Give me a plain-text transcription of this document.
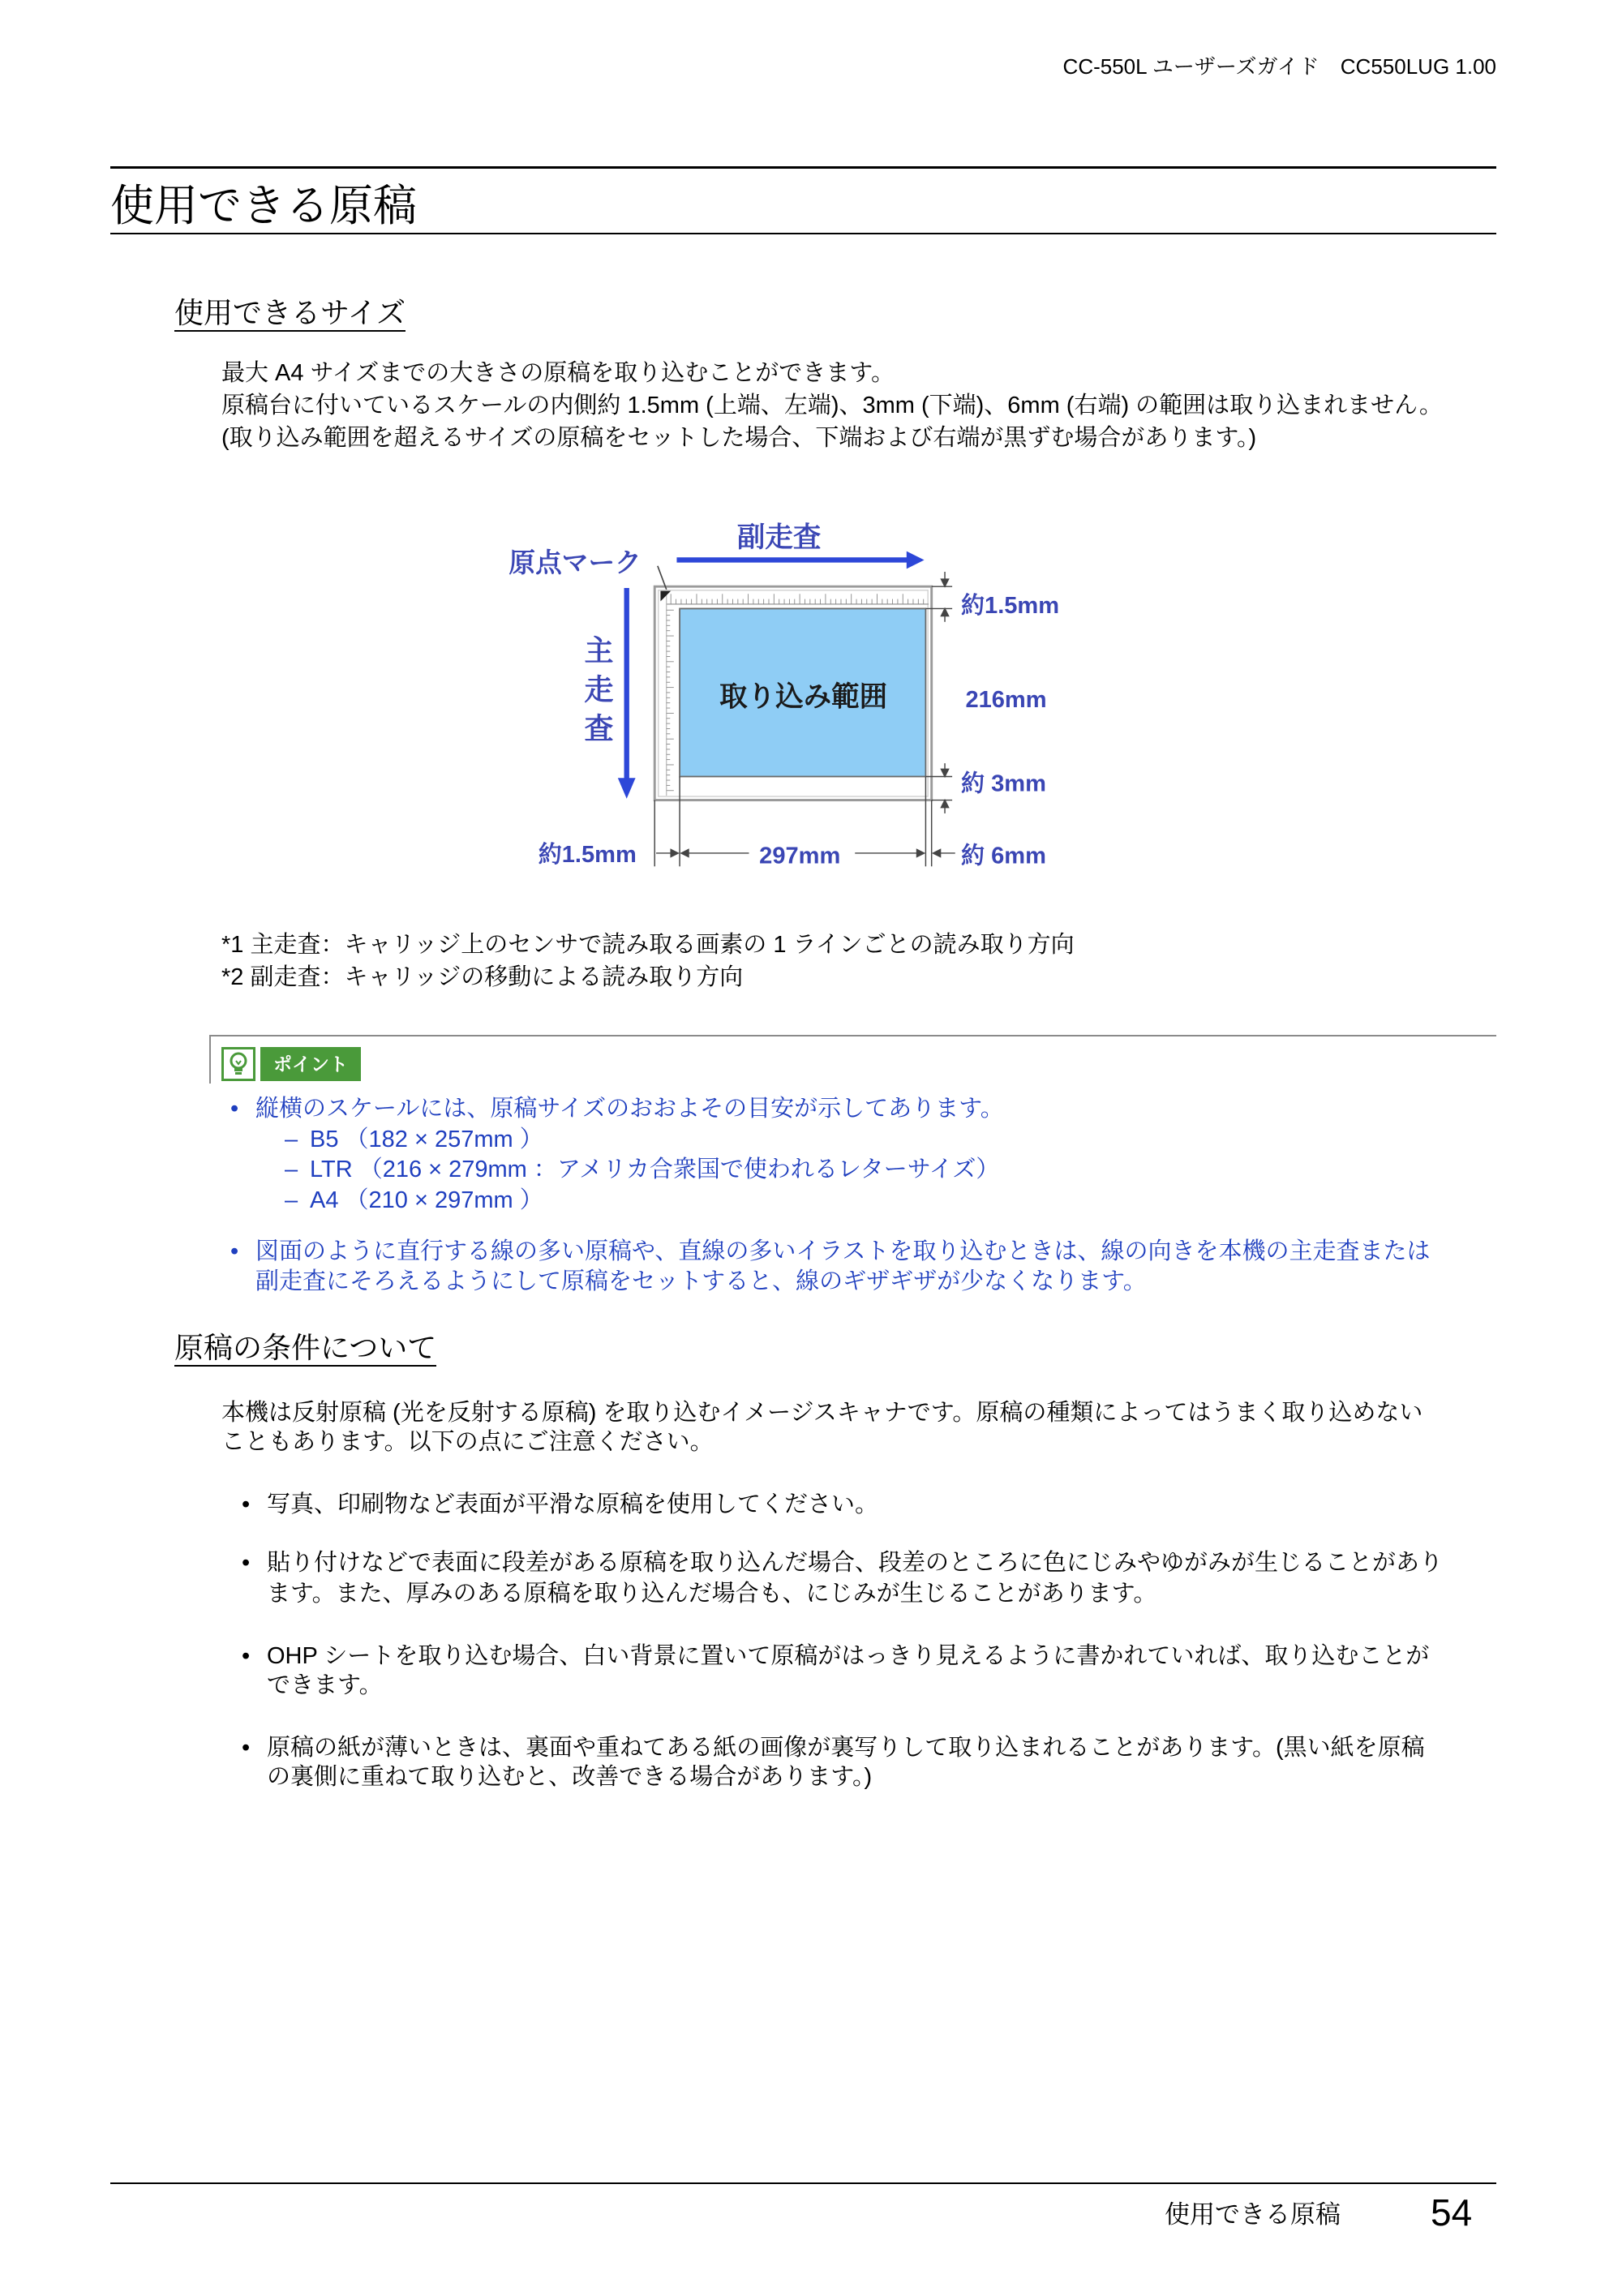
CC-550L ユーザーズガイド　CC550LUG 1.00
使用できる原稿
使用できるサイズ
最大 A4 サイズまでの大きさの原稿を取り込むことができます。
原稿台に付いているスケールの内側約 1.5mm (上端、左端)、3mm (下端)、6mm (右端) の範囲は取り込まれません。
(取り込み範囲を超えるサイズの原稿をセットした場合、下端および右端が黒ずむ場合があります。)
取り込み範囲
原点マーク
副走査
約1.5mm
216mm
約 3mm
約1.5mm	297mm	約 6mm
主走査
*1 主走査：キャリッジ上のセンサで読み取る画素の 1 ラインごとの読み取り方向
*2 副走査：キャリッジの移動による読み取り方向
ポイント
• 縦横のスケールには、原稿サイズのおおよその目安が示してあります。
– B5 （182 × 257mm ）
– LTR （216 × 279mm ：アメリカ合衆国で使われるレターサイズ）
– A4 （210 × 297mm ）
• 図面のように直行する線の多い原稿や、直線の多いイラストを取り込むときは、線の向きを本機の主走査または
副走査にそろえるようにして原稿をセットすると、線のギザギザが少なくなります。
原稿の条件について
本機は反射原稿 (光を反射する原稿) を取り込むイメージスキャナです。原稿の種類によってはうまく取り込めない
こともあります。以下の点にご注意ください。
• 写真、印刷物など表面が平滑な原稿を使用してください。
• 貼り付けなどで表面に段差がある原稿を取り込んだ場合、段差のところに色にじみやゆがみが生じることがあり
ます。また、厚みのある原稿を取り込んだ場合も、にじみが生じることがあります。
• OHP シートを取り込む場合、白い背景に置いて原稿がはっきり見えるように書かれていれば、取り込むことが
できます。
• 原稿の紙が薄いときは、裏面や重ねてある紙の画像が裏写りして取り込まれることがあります。(黒い紙を原稿
の裏側に重ねて取り込むと、改善できる場合があります。)
使用できる原稿 54
